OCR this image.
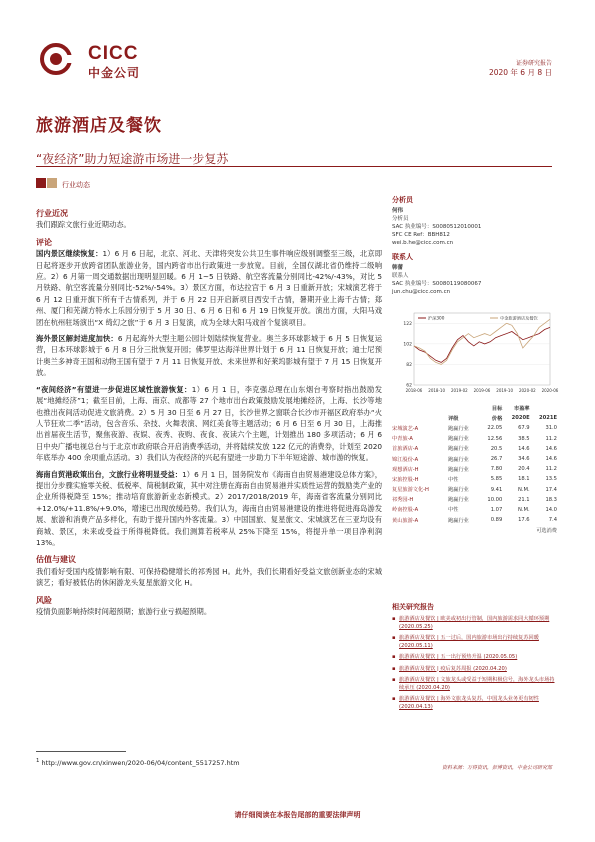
CICC
中金公司
证券研究报告
2020 年 6 月 8 日
旅游酒店及餐饮
“夜经济”助力短途游市场进一步复苏
行业动态
行业近况
我们跟踪文旅行业近期动态。
评论
国内景区继续恢复：1）6 月 6 日起，北京、河北、天津将突发公共卫生事件响应级别调整至三级，北京即日起将逐步开放跨省团队旅游业务，国内跨省市出行政策进一步放宽。目前，全国仅湖北省仍维持二级响应。2）6 月第一周交通数据出现明显回暖。6 月 1~5 日铁路、航空客流量分别同比-42%/-43%，对比 5 月铁路、航空客流量分别同比-52%/-54%。3）景区方面，布达拉宫于 6 月 3 日重新开放；宋城演艺将于 6 月 12 日重开旗下所有千古情系列，并于 6 月 22 日开启新项目西安千古情，暑期开业上海千古情；郑州、厦门和芜湖方特水上乐园分别于 5 月 30 日、6 月 6 日和 6 月 19 日恢复开放。演出方面，大阳马戏团在杭州驻场演出“X 绮幻之旅”于 6 月 3 日复演，成为全球大阳马戏首个复演项目。
海外景区解封进度加快：6 月起海外大型主题公园计划陆续恢复营业。奥兰多环球影城于 6 月 5 日恢复运营，日本环球影城于 6 月 8 日分三批恢复开园；佛罗里达海洋世界计划于 6 月 11 日恢复开放；迪士尼预计奥兰多神奇王国和动物王国有望于 7 月 11 日恢复开放、未来世界和好莱坞影城有望于 7 月 15 日恢复开放。
“夜间经济”有望进一步促进区域性旅游恢复：1）6 月 1 日，李克强总理在山东烟台考察时指出鼓励发展“地摊经济”1；截至目前，上海、南京、成都等 27 个地市出台政策鼓励发展地摊经济，上海、长沙等地也推出夜间活动促进文旅消费。2）5 月 30 日至 6 月 27 日，长沙世界之窗联合长沙市开福区政府举办“火人节狂欢二季”活动，包含音乐、杂技、火舞表演、网红美食等主题活动；6 月 6 日至 6 月 30 日，上海推出首届夜生活节，聚焦夜游、夜娱、夜秀、夜购、夜食、夜读六个主题，计划推出 180 多项活动；6 月 6 日中央广播电视总台与于北京市政府联合开启消费季活动，并将陆续发放 122 亿元的消费券，计划至 2020 年底举办 400 余项重点活动。3）我们认为夜经济的兴起有望进一步助力下半年短途游、城市游的恢复。
海南自贸港政策出台，文旅行业将明显受益：1）6 月 1 日，国务院发布《海南自由贸易港建设总体方案》，提出分步骤实施零关税、低税率、简税制政策，其中对注册在海南自由贸易港并实质性运营的鼓励类产业的企业所得税降至 15%；推动培育旅游新业态新模式。2）2017/2018/2019 年，海南省客流量分别同比+12.0%/+11.8%/+9.0%，增速已出现放缓趋势。我们认为，海南自由贸易港建设的推进将促进海岛游发展、旅游和消费产品多样化，有助于提升国内外客流量。3）中国国旅、复星旅文、宋城演艺在三亚均设有商城、景区，未来或受益于所得税降低。我们测算若税率从 25%下降至 15%，将提升单一项目净利润 13%。
估值与建议
我们看好受国内疫情影响有限、可保持稳健增长的祁秀园 H。此外，我们长期看好受益文旅创新业态的宋城演艺；看好被低估的休闲游龙头复星旅游文化 H。
风险
疫情负面影响持续时间超预期；旅游行业亏损超预期。
分析员
何伟
分析员
SAC 执业编号：S0080512010001
SFC CE Ref：BBH812
wei.b.he@cicc.com.cn
联系人
韩蕾
联系人
SAC 执业编号：S0080119080067
jun.chu@cicc.com.cn
62
82
102
122
2018-06 2018-10 2019-02 2019-06 2019-10 2020-02 2020-06
沪深300	中金旅游酒店及餐饮
		目标	市盈率	
	评级	价格	2020E	2021E
宋城演艺-A	跑赢行业	22.05	67.9	31.0
中青旅-A	跑赢行业	12.56	38.5	11.2
首旅酒店-A	跑赢行业	20.5	14.6	14.6
锦江股份-A	跑赢行业	26.7	34.6	14.6
观想酒店-H	跑赢行业	7.80	20.4	11.2
宋旅控股-H	中性	5.85	18.1	13.5
复星旅游文化-H	跑赢行业	9.41	N.M.	17.4
祁秀园-H	跑赢行业	10.00	21.1	18.3
岭南控股-A	中性	1.07	N.M.	14.0
黄山旅游-A	跑赢行业	0.89	17.6	7.4
可选消费				
相关研究报告
▪ 旅游酒店及餐饮 | 欧美或初出行管制，国内旅游需求同大循环预期 (2020.05.25)
▪ 旅游酒店及餐饮 | 五一过后，国内旅游市场出行持续复苏回暖 (2020.05.11)
▪ 旅游酒店及餐饮 | 五一出行预热升温 (2020.05.05)
▪ 旅游酒店及餐饮 | 疫后复苏周报 (2020.04.20)
▪ 旅游酒店及餐饮 | 文旅龙头或受益于短期积极信号，海外龙头市场持续承压 (2020.04.20)
▪ 旅游酒店及餐饮 | 海外文旅龙头复苏，中国龙头业务更有韧性 (2020.04.13)
资料来源：万得资讯，彭博资讯，中金公司研究部
$^1$ http://www.gov.cn/xinwen/2020-06/04/content_5517257.htm
请仔细阅读在本报告尾部的重要法律声明
